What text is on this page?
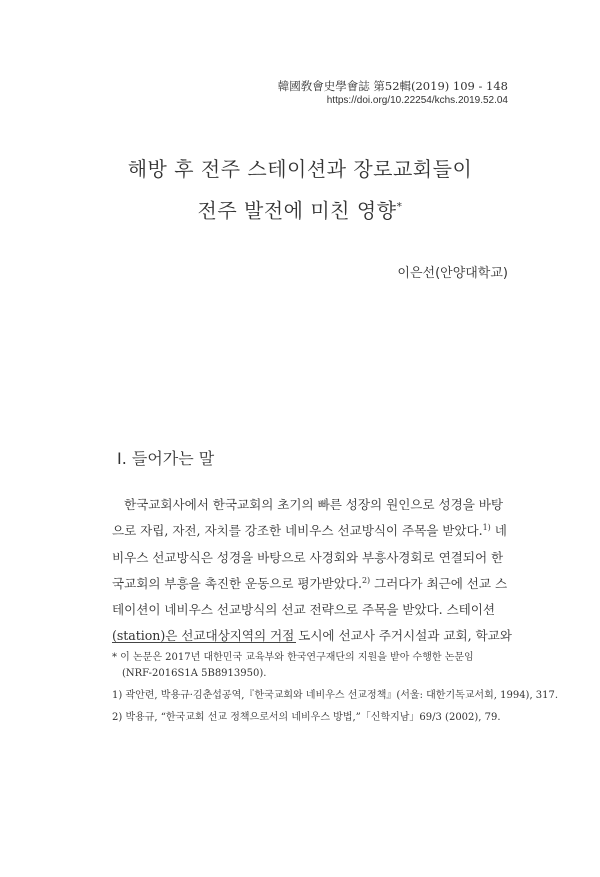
韓國敎會史學會誌 第52輯(2019) 109 - 148
https://doi.org/10.22254/kchs.2019.52.04
해방 후 전주 스테이션과 장로교회들이
전주 발전에 미친 영향*
이은선(안양대학교)
I. 들어가는 말
한국교회사에서 한국교회의 초기의 빠른 성장의 원인으로 성경을 바탕
으로 자립, 자전, 자치를 강조한 네비우스 선교방식이 주목을 받았다.$^{1)}$ 네
비우스 선교방식은 성경을 바탕으로 사경회와 부흥사경회로 연결되어 한
국교회의 부흥을 촉진한 운동으로 평가받았다.$^{2)}$ 그러다가 최근에 선교 스
테이션이 네비우스 선교방식의 선교 전략으로 주목을 받았다. 스테이션
(station)은 선교대상지역의 거점 도시에 선교사 주거시설과 교회, 학교와
* 이 논문은 2017년 대한민국 교육부와 한국연구재단의 지원을 받아 수행한 논문임
(NRF-2016S1A 5B8913950).
1) 곽안련, 박용규·김춘섭공역,『한국교회와 네비우스 선교정책』(서울: 대한기독교서회, 1994), 317.
2) 박용규, “한국교회 선교 정책으로서의 네비우스 방법,”「신학지남」69/3 (2002), 79.
